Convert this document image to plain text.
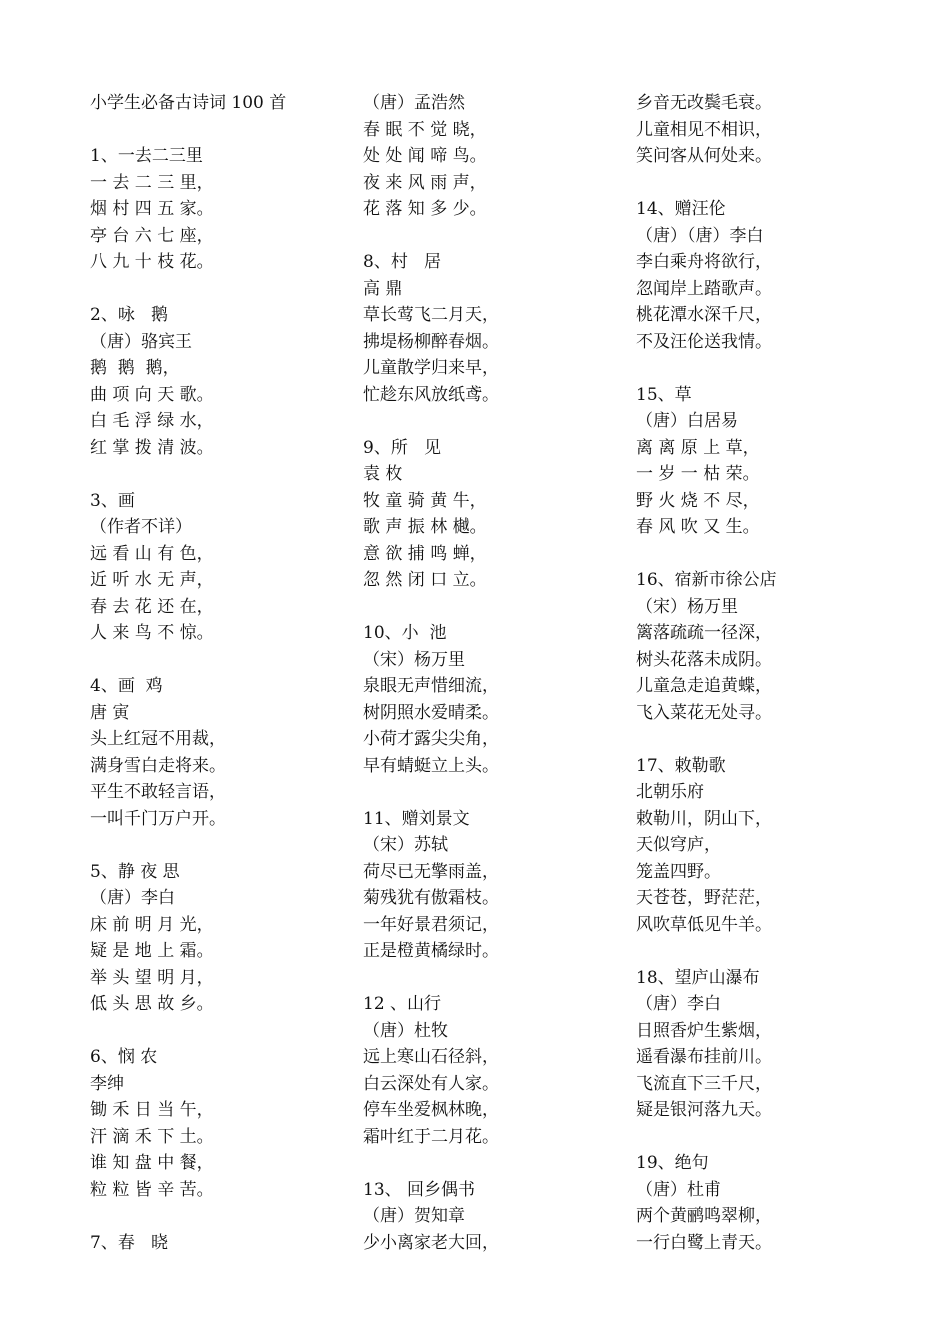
小学生必备古诗词 100 首
1、一去二三里
一 去 二 三 里，
烟 村 四 五 家。
亭 台 六 七 座，
八 九 十 枝 花。
2、咏   鹅
（唐）骆宾王
鹅  鹅  鹅，
曲 项 向 天 歌。
白 毛 浮 绿 水，
红 掌 拨 清 波。
3、画
（作者不详）
远 看 山 有 色，
近 听 水 无 声，
春 去 花 还 在，
人 来 鸟 不 惊。
4、画  鸡
唐 寅
头上红冠不用裁，
满身雪白走将来。
平生不敢轻言语，
一叫千门万户开。
5、静 夜 思
（唐）李白
床 前 明 月 光，
疑 是 地 上 霜。
举 头 望 明 月，
低 头 思 故 乡。
6、悯 农
李绅
锄 禾 日 当 午，
汗 滴 禾 下 土。
谁 知 盘 中 餐，
粒 粒 皆 辛 苦。
7、春   晓
（唐）孟浩然
春 眠 不 觉 晓，
处 处 闻 啼 鸟。
夜 来 风 雨 声，
花 落 知 多 少。
8、村   居
高 鼎
草长莺飞二月天，
拂堤杨柳醉春烟。
儿童散学归来早，
忙趁东风放纸鸢。
9、所   见
袁 枚
牧 童 骑 黄 牛，
歌 声 振 林 樾。
意 欲 捕 鸣 蝉，
忽 然 闭 口 立。
10、小  池
（宋）杨万里
泉眼无声惜细流，
树阴照水爱晴柔。
小荷才露尖尖角，
早有蜻蜓立上头。
11、赠刘景文
（宋）苏轼
荷尽已无擎雨盖，
菊残犹有傲霜枝。
一年好景君须记，
正是橙黄橘绿时。
12 、山行
（唐）杜牧
远上寒山石径斜，
白云深处有人家。
停车坐爱枫林晚，
霜叶红于二月花。
13、 回乡偶书
（唐）贺知章
少小离家老大回，
乡音无改鬓毛衰。
儿童相见不相识，
笑问客从何处来。
14、赠汪伦
（唐）（唐）李白
李白乘舟将欲行，
忽闻岸上踏歌声。
桃花潭水深千尺，
不及汪伦送我情。
15、草
（唐）白居易
离 离 原 上 草，
一 岁 一 枯 荣。
野 火 烧 不 尽，
春 风 吹 又 生。
16、宿新市徐公店
（宋）杨万里
篱落疏疏一径深，
树头花落未成阴。
儿童急走追黄蝶，
飞入菜花无处寻。
17、敕勒歌
北朝乐府
敕勒川，阴山下，
天似穹庐，
笼盖四野。
天苍苍，野茫茫，
风吹草低见牛羊。
18、望庐山瀑布
（唐）李白
日照香炉生紫烟，
遥看瀑布挂前川。
飞流直下三千尺，
疑是银河落九天。
19、绝句
（唐）杜甫
两个黄鹂鸣翠柳，
一行白鹭上青天。
